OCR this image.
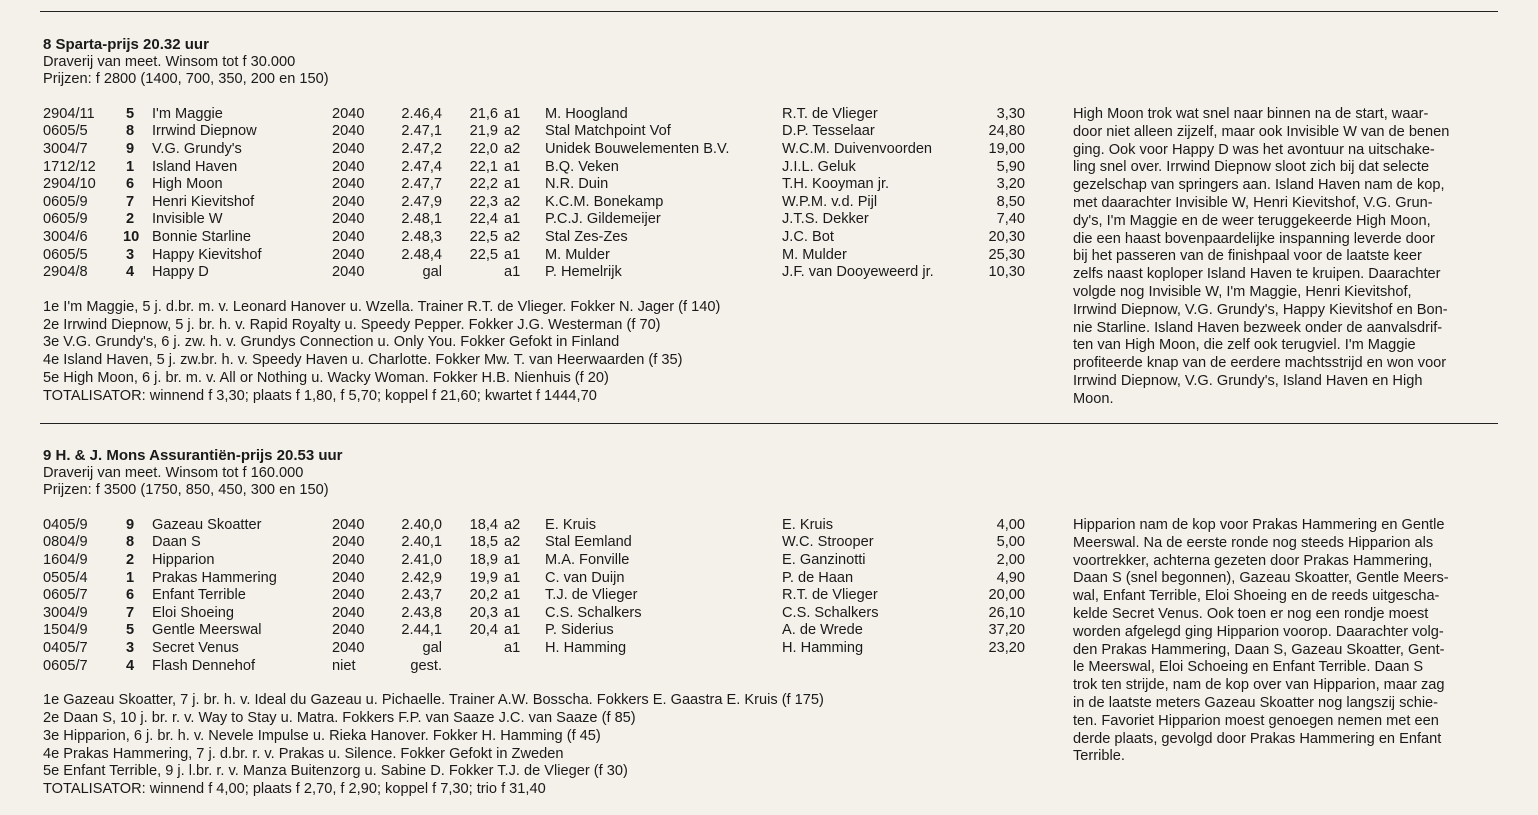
8 Sparta-prijs 20.32 uur
Draverij van meet. Winsom tot f 30.000
Prijzen: f 2800 (1400, 700, 350, 200 en 150)
2904/11 5 I'm Maggie	2040	2.46,4 21,6 a1 M. Hoogland	R.T. de Vlieger	3,30
0605/5	8 Irrwind Diepnow	2040	2.47,1 21,9 a2 Stal Matchpoint Vof	D.P. Tesselaar	24,80
3004/7	9 V.G. Grundy's	2040	2.47,2 22,0 a2 Unidek Bouwelementen B.V.	W.C.M. Duivenvoorden	19,00
1712/12 1 Island Haven	2040	2.47,4 22,1 a1 B.Q. Veken	J.I.L. Geluk	5,90
2904/10 6 High Moon	2040	2.47,7 22,2 a1 N.R. Duin	T.H. Kooyman jr.	3,20
0605/9	7 Henri Kievitshof	2040	2.47,9 22,3 a2 K.C.M. Bonekamp	W.P.M. v.d. Pijl	8,50
0605/9	2 Invisible W	2040	2.48,1 22,4 a1 P.C.J. Gildemeijer	J.T.S. Dekker	7,40
3004/6 10 Bonnie Starline	2040	2.48,3 22,5 a2 Stal Zes-Zes	J.C. Bot	20,30
0605/5	3 Happy Kievitshof	2040	2.48,4 22,5 a1 M. Mulder	M. Mulder	25,30
2904/8	4 Happy D	2040	gal	a1 P. Hemelrijk	J.F. van Dooyeweerd jr.	10,30
1e I'm Maggie, 5 j. d.br. m. v. Leonard Hanover u. Wzella. Trainer R.T. de Vlieger. Fokker N. Jager (f 140)
2e Irrwind Diepnow, 5 j. br. h. v. Rapid Royalty u. Speedy Pepper. Fokker J.G. Westerman (f 70)
3e V.G. Grundy's, 6 j. zw. h. v. Grundys Connection u. Only You. Fokker Gefokt in Finland
4e Island Haven, 5 j. zw.br. h. v. Speedy Haven u. Charlotte. Fokker Mw. T. van Heerwaarden (f 35)
5e High Moon, 6 j. br. m. v. All or Nothing u. Wacky Woman. Fokker H.B. Nienhuis (f 20)
TOTALISATOR: winnend f 3,30; plaats f 1,80, f 5,70; koppel f 21,60; kwartet f 1444,70
High Moon trok wat snel naar binnen na de start, waar-
door niet alleen zijzelf, maar ook Invisible W van de benen
ging. Ook voor Happy D was het avontuur na uitschake-
ling snel over. Irrwind Diepnow sloot zich bij dat selecte
gezelschap van springers aan. Island Haven nam de kop,
met daarachter Invisible W, Henri Kievitshof, V.G. Grun-
dy's, I'm Maggie en de weer teruggekeerde High Moon,
die een haast bovenpaardelijke inspanning leverde door
bij het passeren van de finishpaal voor de laatste keer
zelfs naast koploper Island Haven te kruipen. Daarachter
volgde nog Invisible W, I'm Maggie, Henri Kievitshof,
Irrwind Diepnow, V.G. Grundy's, Happy Kievitshof en Bon-
nie Starline. Island Haven bezweek onder de aanvalsdrif-
ten van High Moon, die zelf ook terugviel. I'm Maggie
profiteerde knap van de eerdere machtsstrijd en won voor
Irrwind Diepnow, V.G. Grundy's, Island Haven en High
Moon.
9 H. & J. Mons Assurantiën-prijs 20.53 uur
Draverij van meet. Winsom tot f 160.000
Prijzen: f 3500 (1750, 850, 450, 300 en 150)
0405/9	9 Gazeau Skoatter	2040	2.40,0 18,4 a2 E. Kruis	E. Kruis	4,00
0804/9	8 Daan S	2040	2.40,1 18,5 a2 Stal Eemland	W.C. Strooper	5,00
1604/9	2 Hipparion	2040	2.41,0 18,9 a1 M.A. Fonville	E. Ganzinotti	2,00
0505/4	1 Prakas Hammering	2040	2.42,9 19,9 a1 C. van Duijn	P. de Haan	4,90
0605/7	6 Enfant Terrible	2040	2.43,7 20,2 a1 T.J. de Vlieger	R.T. de Vlieger	20,00
3004/9	7 Eloi Shoeing	2040	2.43,8 20,3 a1 C.S. Schalkers	C.S. Schalkers	26,10
1504/9	5 Gentle Meerswal	2040	2.44,1 20,4 a1 P. Siderius	A. de Wrede	37,20
0405/7	3 Secret Venus	2040	gal	a1 H. Hamming	H. Hamming	23,20
0605/7	4 Flash Dennehof	niet	gest.
1e Gazeau Skoatter, 7 j. br. h. v. Ideal du Gazeau u. Pichaelle. Trainer A.W. Bosscha. Fokkers E. Gaastra E. Kruis (f 175)
2e Daan S, 10 j. br. r. v. Way to Stay u. Matra. Fokkers F.P. van Saaze J.C. van Saaze (f 85)
3e Hipparion, 6 j. br. h. v. Nevele Impulse u. Rieka Hanover. Fokker H. Hamming (f 45)
4e Prakas Hammering, 7 j. d.br. r. v. Prakas u. Silence. Fokker Gefokt in Zweden
5e Enfant Terrible, 9 j. l.br. r. v. Manza Buitenzorg u. Sabine D. Fokker T.J. de Vlieger (f 30)
TOTALISATOR: winnend f 4,00; plaats f 2,70, f 2,90; koppel f 7,30; trio f 31,40
Hipparion nam de kop voor Prakas Hammering en Gentle
Meerswal. Na de eerste ronde nog steeds Hipparion als
voortrekker, achterna gezeten door Prakas Hammering,
Daan S (snel begonnen), Gazeau Skoatter, Gentle Meers-
wal, Enfant Terrible, Eloi Shoeing en de reeds uitgescha-
kelde Secret Venus. Ook toen er nog een rondje moest
worden afgelegd ging Hipparion voorop. Daarachter volg-
den Prakas Hammering, Daan S, Gazeau Skoatter, Gent-
le Meerswal, Eloi Schoeing en Enfant Terrible. Daan S
trok ten strijde, nam de kop over van Hipparion, maar zag
in de laatste meters Gazeau Skoatter nog langszij schie-
ten. Favoriet Hipparion moest genoegen nemen met een
derde plaats, gevolgd door Prakas Hammering en Enfant
Terrible.
